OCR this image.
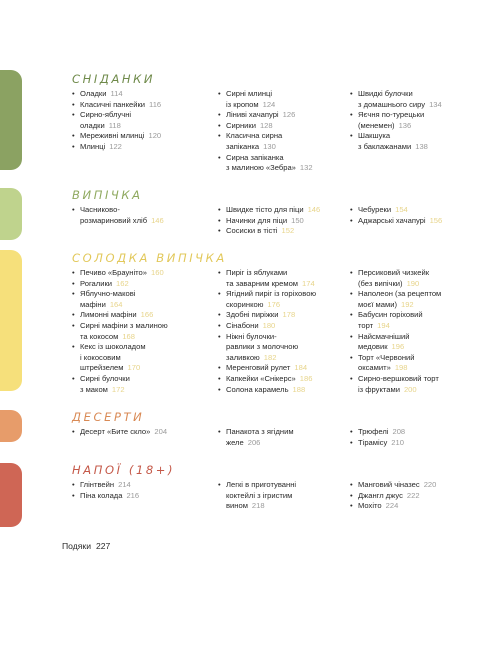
СНІДАНКИ
• Оладки 114
• Класичні панкейки 116
• Сирно-яблучні
оладки 118
• Мереживні млинці 120
• Млинці 122
• Сирні млинці
із кропом 124
• Ліниві хачапурі 126
• Сирники 128
• Класична сирна
запіканка 130
• Сирна запіканка
з малиною «Зебра» 132
• Швидкі булочки
з домашнього сиру 134
• Яєчня по-турецьки
(менемен) 136
• Шакшука
з баклажанами 138
ВИПІЧКА
• Часниково-
розмариновий хліб 146
• Швидке тісто для піци 146
• Начинки для піци 150
• Сосиски в тісті 152
• Чебуреки 154
• Аджарські хачапурі 156
СОЛОДКА ВИПІЧКА
• Печиво «Брауніто» 160
• Рогалики 162
• Яблучно-макові
мафіни 164
• Лимонні мафіни 166
• Сирні мафіни з малиною
та кокосом 168
• Кекс із шоколадом
і кокосовим
штрейзелем 170
• Сирні булочки
з маком 172
• Пиріг із яблуками
та заварним кремом 174
• Ягідний пиріг із горіховою
скоринкою 176
• Здобні пиріжки 178
• Сінабони 180
• Ніжні булочки-
равлики з молочною
заливкою 182
• Меренговий рулет 184
• Капкейки «Снікерс» 186
• Солона карамель 188
• Персиковий чизкейк
(без випічки) 190
• Наполеон (за рецептом
моєї мами) 192
• Бабусин горіховий
торт 194
• Найсмачніший
медовик 196
• Торт «Червоний
оксамит» 198
• Сирно-вершковий торт
із фруктами 200
ДЕСЕРТИ
• Десерт «Бите скло» 204
•	Панакота з ягідним
желе 206
• Трюфелі 208
• Тірамісу 210
НАПОЇ (18+)
• Глінтвейн 214
• Піна колада 216
• Легкі в приготуванні
коктейлі з ігристим
вином 218
• Манговий чіназес 220
• Джангл джус 222
• Мохіто 224
Подяки 227
